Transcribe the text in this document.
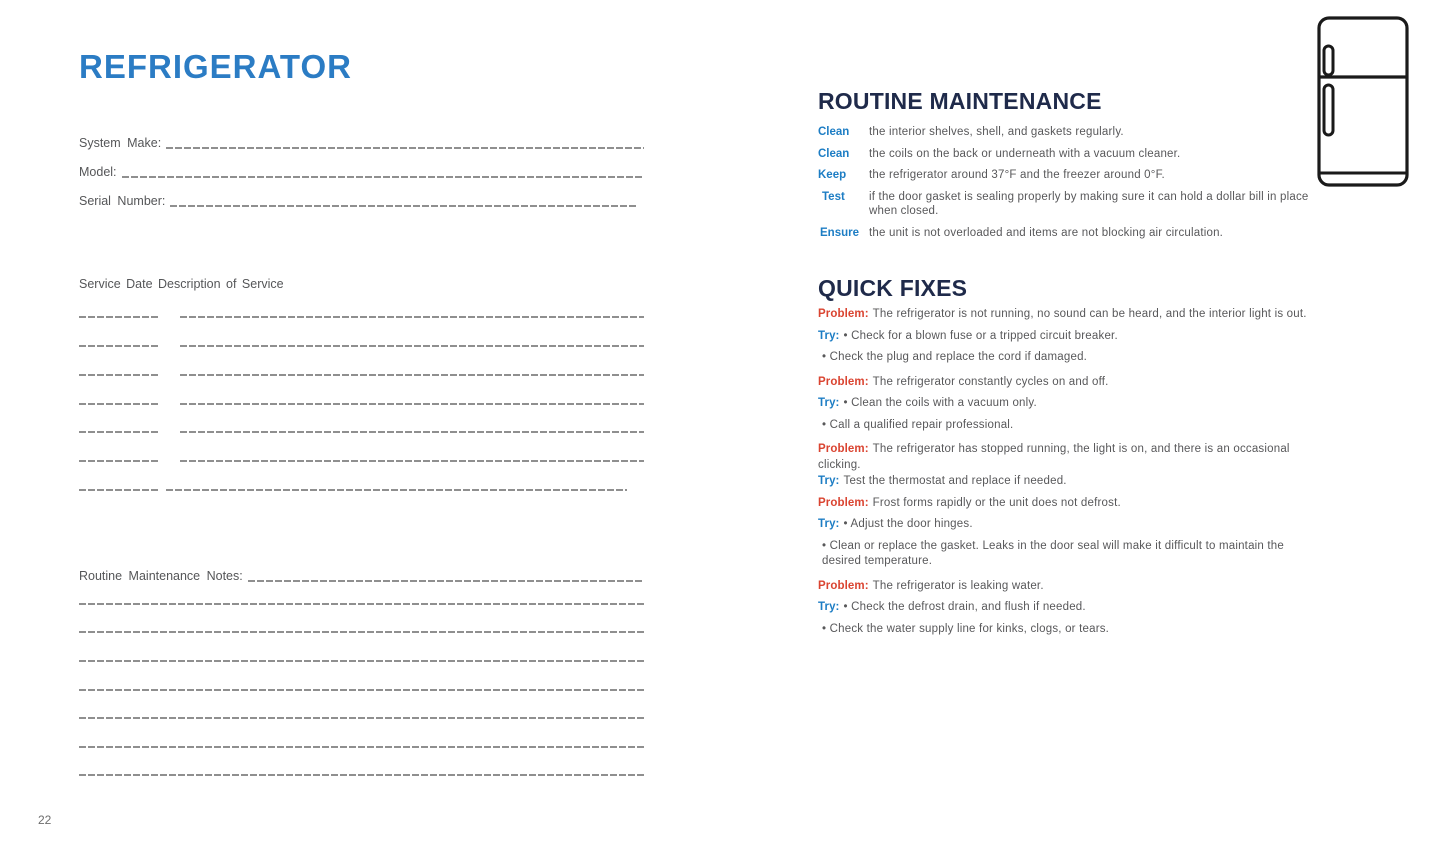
REFRIGERATOR
System Make:
Model:
Serial Number:
Service Date Description of Service
Routine Maintenance Notes:
22
ROUTINE MAINTENANCE
Clean	the interior shelves, shell, and gaskets regularly.
Clean	the coils on the back or underneath with a vacuum cleaner.
Keep	the refrigerator around 37°F and the freezer around 0°F.
Test	if the door gasket is sealing properly by making sure it can hold a dollar bill in place when closed.
Ensure the unit is not overloaded and items are not blocking air circulation.
QUICK FIXES

Problem: The refrigerator is not running, no sound can be heard, and the interior light is out.

Try: • Check for a blown fuse or a tripped circuit breaker.

• Check the plug and replace the cord if damaged.

Problem: The refrigerator constantly cycles on and off.

Try: • Clean the coils with a vacuum only.

• Call a qualified repair professional.

Problem: The refrigerator has stopped running, the light is on, and there is an occasional clicking.

Try: Test the thermostat and replace if needed.

Problem: Frost forms rapidly or the unit does not defrost.

Try: • Adjust the door hinges.

• Clean or replace the gasket. Leaks in the door seal will make it difficult to maintain the desired temperature.

Problem: The refrigerator is leaking water.

Try: • Check the defrost drain, and flush if needed.

• Check the water supply line for kinks, clogs, or tears.
